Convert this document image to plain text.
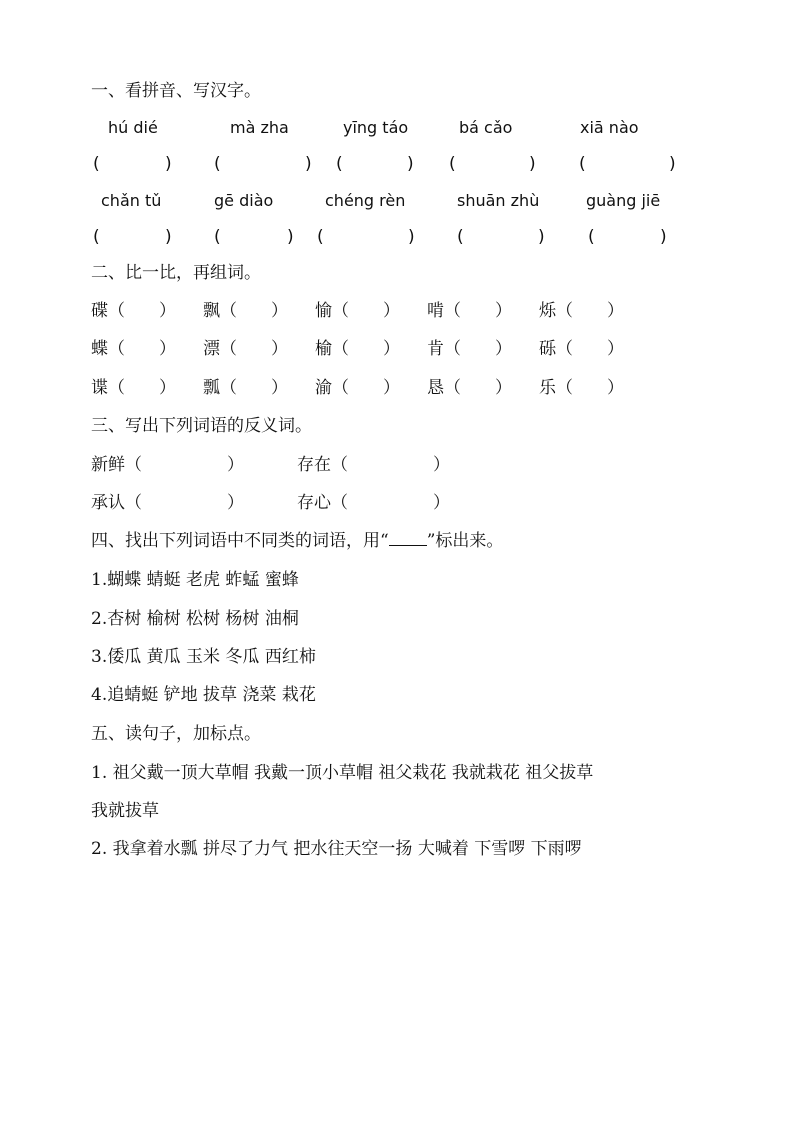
一、看拼音、写汉字。
hú dié	mà zha	yīng táo	bá cǎo	xiā nào
(	) (	) (	) (	)	(	)
chǎn tǔ	gē diào	chéng rèn	shuān zhù	guàng jiē
(	) (	) (	) (	)	(	)
二、比一比，再组词。
碟（　　） 飘（　　） 愉（　　） 啃（　　） 烁（　　）
蝶（　　） 漂（　　） 榆（　　） 肯（　　） 砾（　　）
谍（　　） 瓢（　　） 渝（　　） 恳（　　） 乐（　　）
三、写出下列词语的反义词。
新鲜（　　　　　）	存在（　　　　　）
承认（　　　　　）	存心（　　　　　）
四、找出下列词语中不同类的词语，用“ ”标出来。
1.蝴蝶 蜻蜓 老虎 蚱蜢 蜜蜂
2.杏树 榆树 松树 杨树 油桐
3.倭瓜 黄瓜 玉米 冬瓜 西红柿
4.追蜻蜓 铲地 拔草 浇菜 栽花
五、读句子，加标点。
1. 祖父戴一顶大草帽 我戴一顶小草帽 祖父栽花 我就栽花 祖父拔草
我就拔草
2. 我拿着水瓢 拼尽了力气 把水往天空一扬 大喊着 下雪啰 下雨啰
